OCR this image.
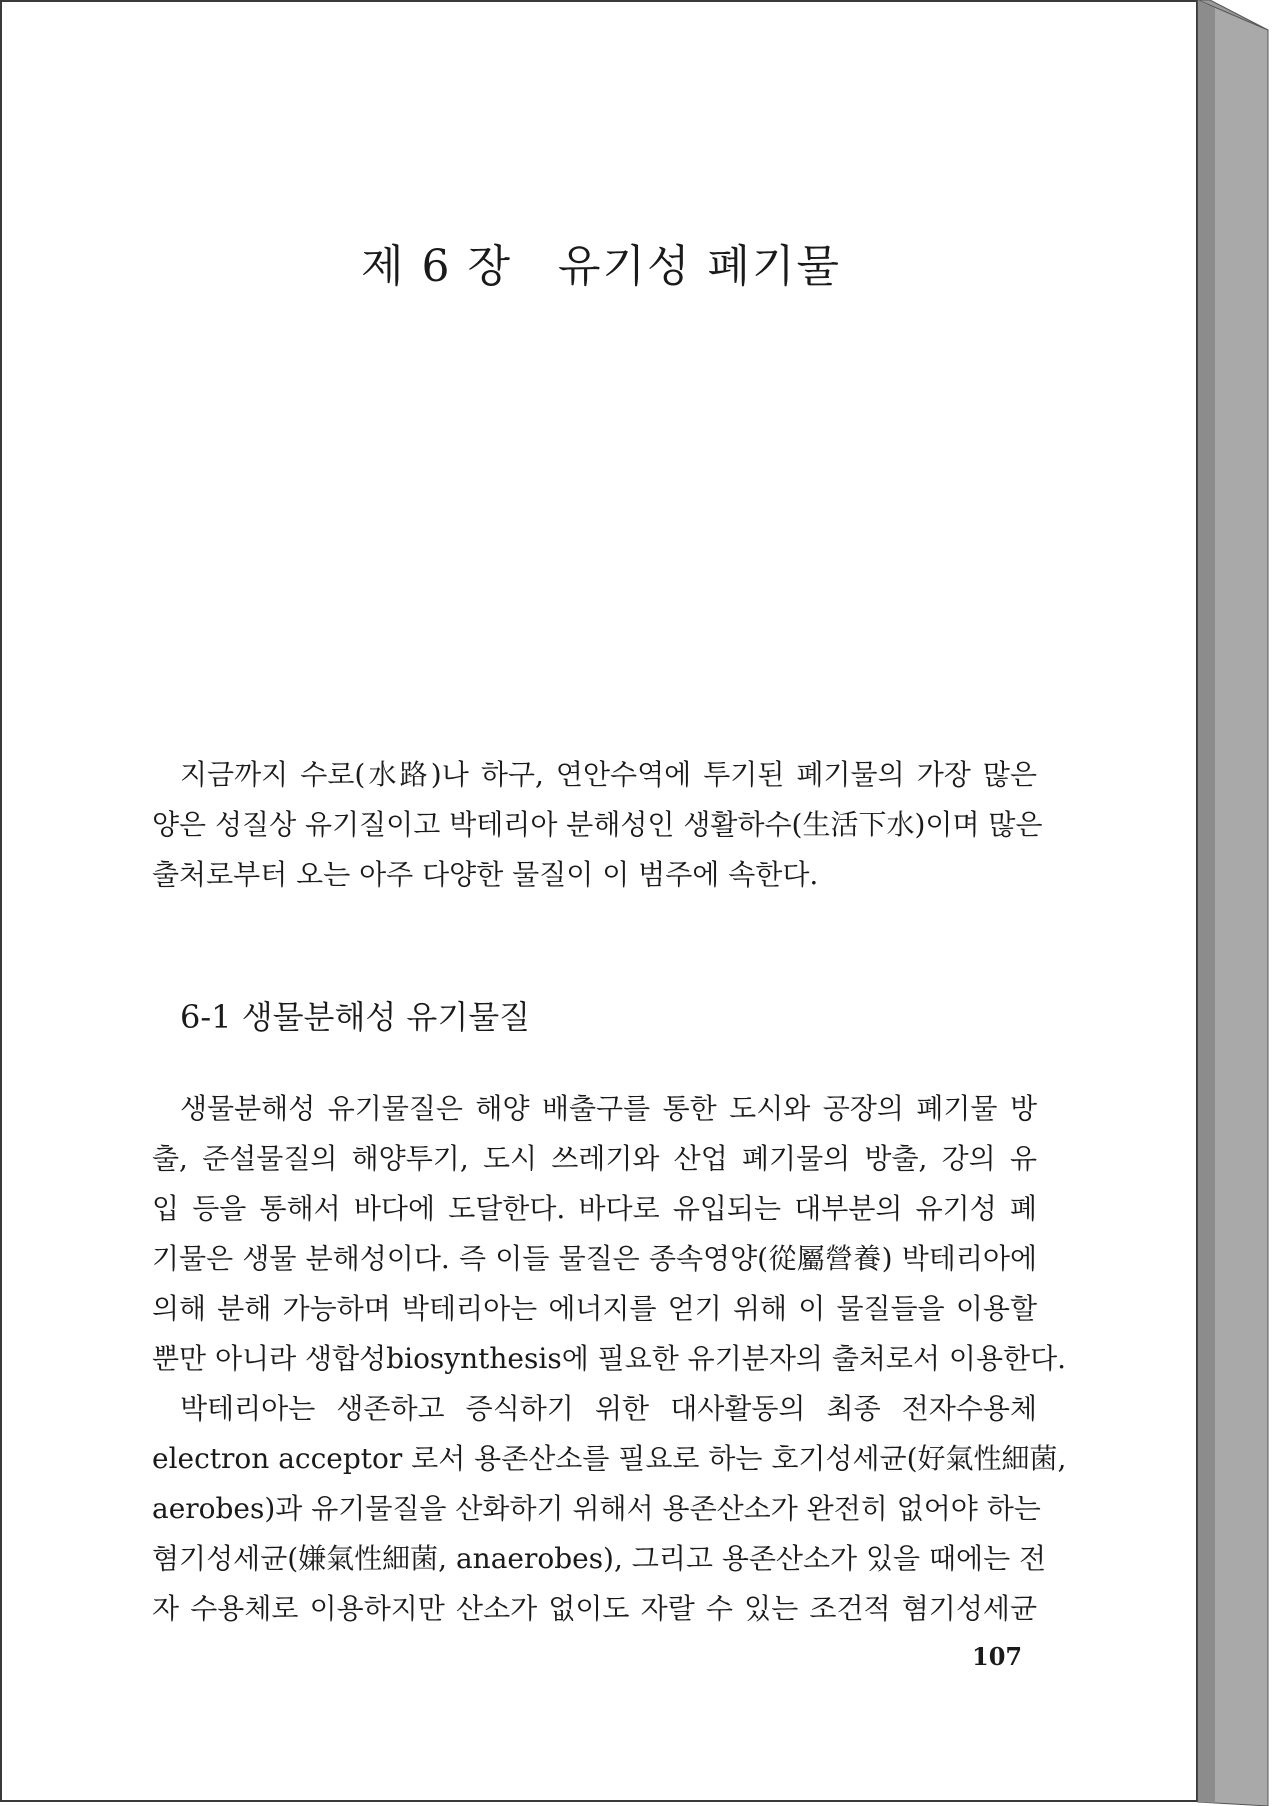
제 6 장 유기성 폐기물
지금까지 수로(水路)나 하구, 연안수역에 투기된 폐기물의 가장 많은
양은 성질상 유기질이고 박테리아 분해성인 생활하수(生活下水)이며 많은
출처로부터 오는 아주 다양한 물질이 이 범주에 속한다.
6-1 생물분해성 유기물질
생물분해성 유기물질은 해양 배출구를 통한 도시와 공장의 폐기물 방
출, 준설물질의 해양투기, 도시 쓰레기와 산업 폐기물의 방출, 강의 유
입 등을 통해서 바다에 도달한다. 바다로 유입되는 대부분의 유기성 폐
기물은 생물 분해성이다. 즉 이들 물질은 종속영양(從屬營養) 박테리아에
의해 분해 가능하며 박테리아는 에너지를 얻기 위해 이 물질들을 이용할
뿐만 아니라 생합성biosynthesis에 필요한 유기분자의 출처로서 이용한다.
박테리아는 생존하고 증식하기 위한 대사활동의 최종 전자수용체
electron acceptor 로서 용존산소를 필요로 하는 호기성세균(好氣性細菌,
aerobes)과 유기물질을 산화하기 위해서 용존산소가 완전히 없어야 하는
혐기성세균(嫌氣性細菌, anaerobes), 그리고 용존산소가 있을 때에는 전
자 수용체로 이용하지만 산소가 없이도 자랄 수 있는 조건적 혐기성세균
107
